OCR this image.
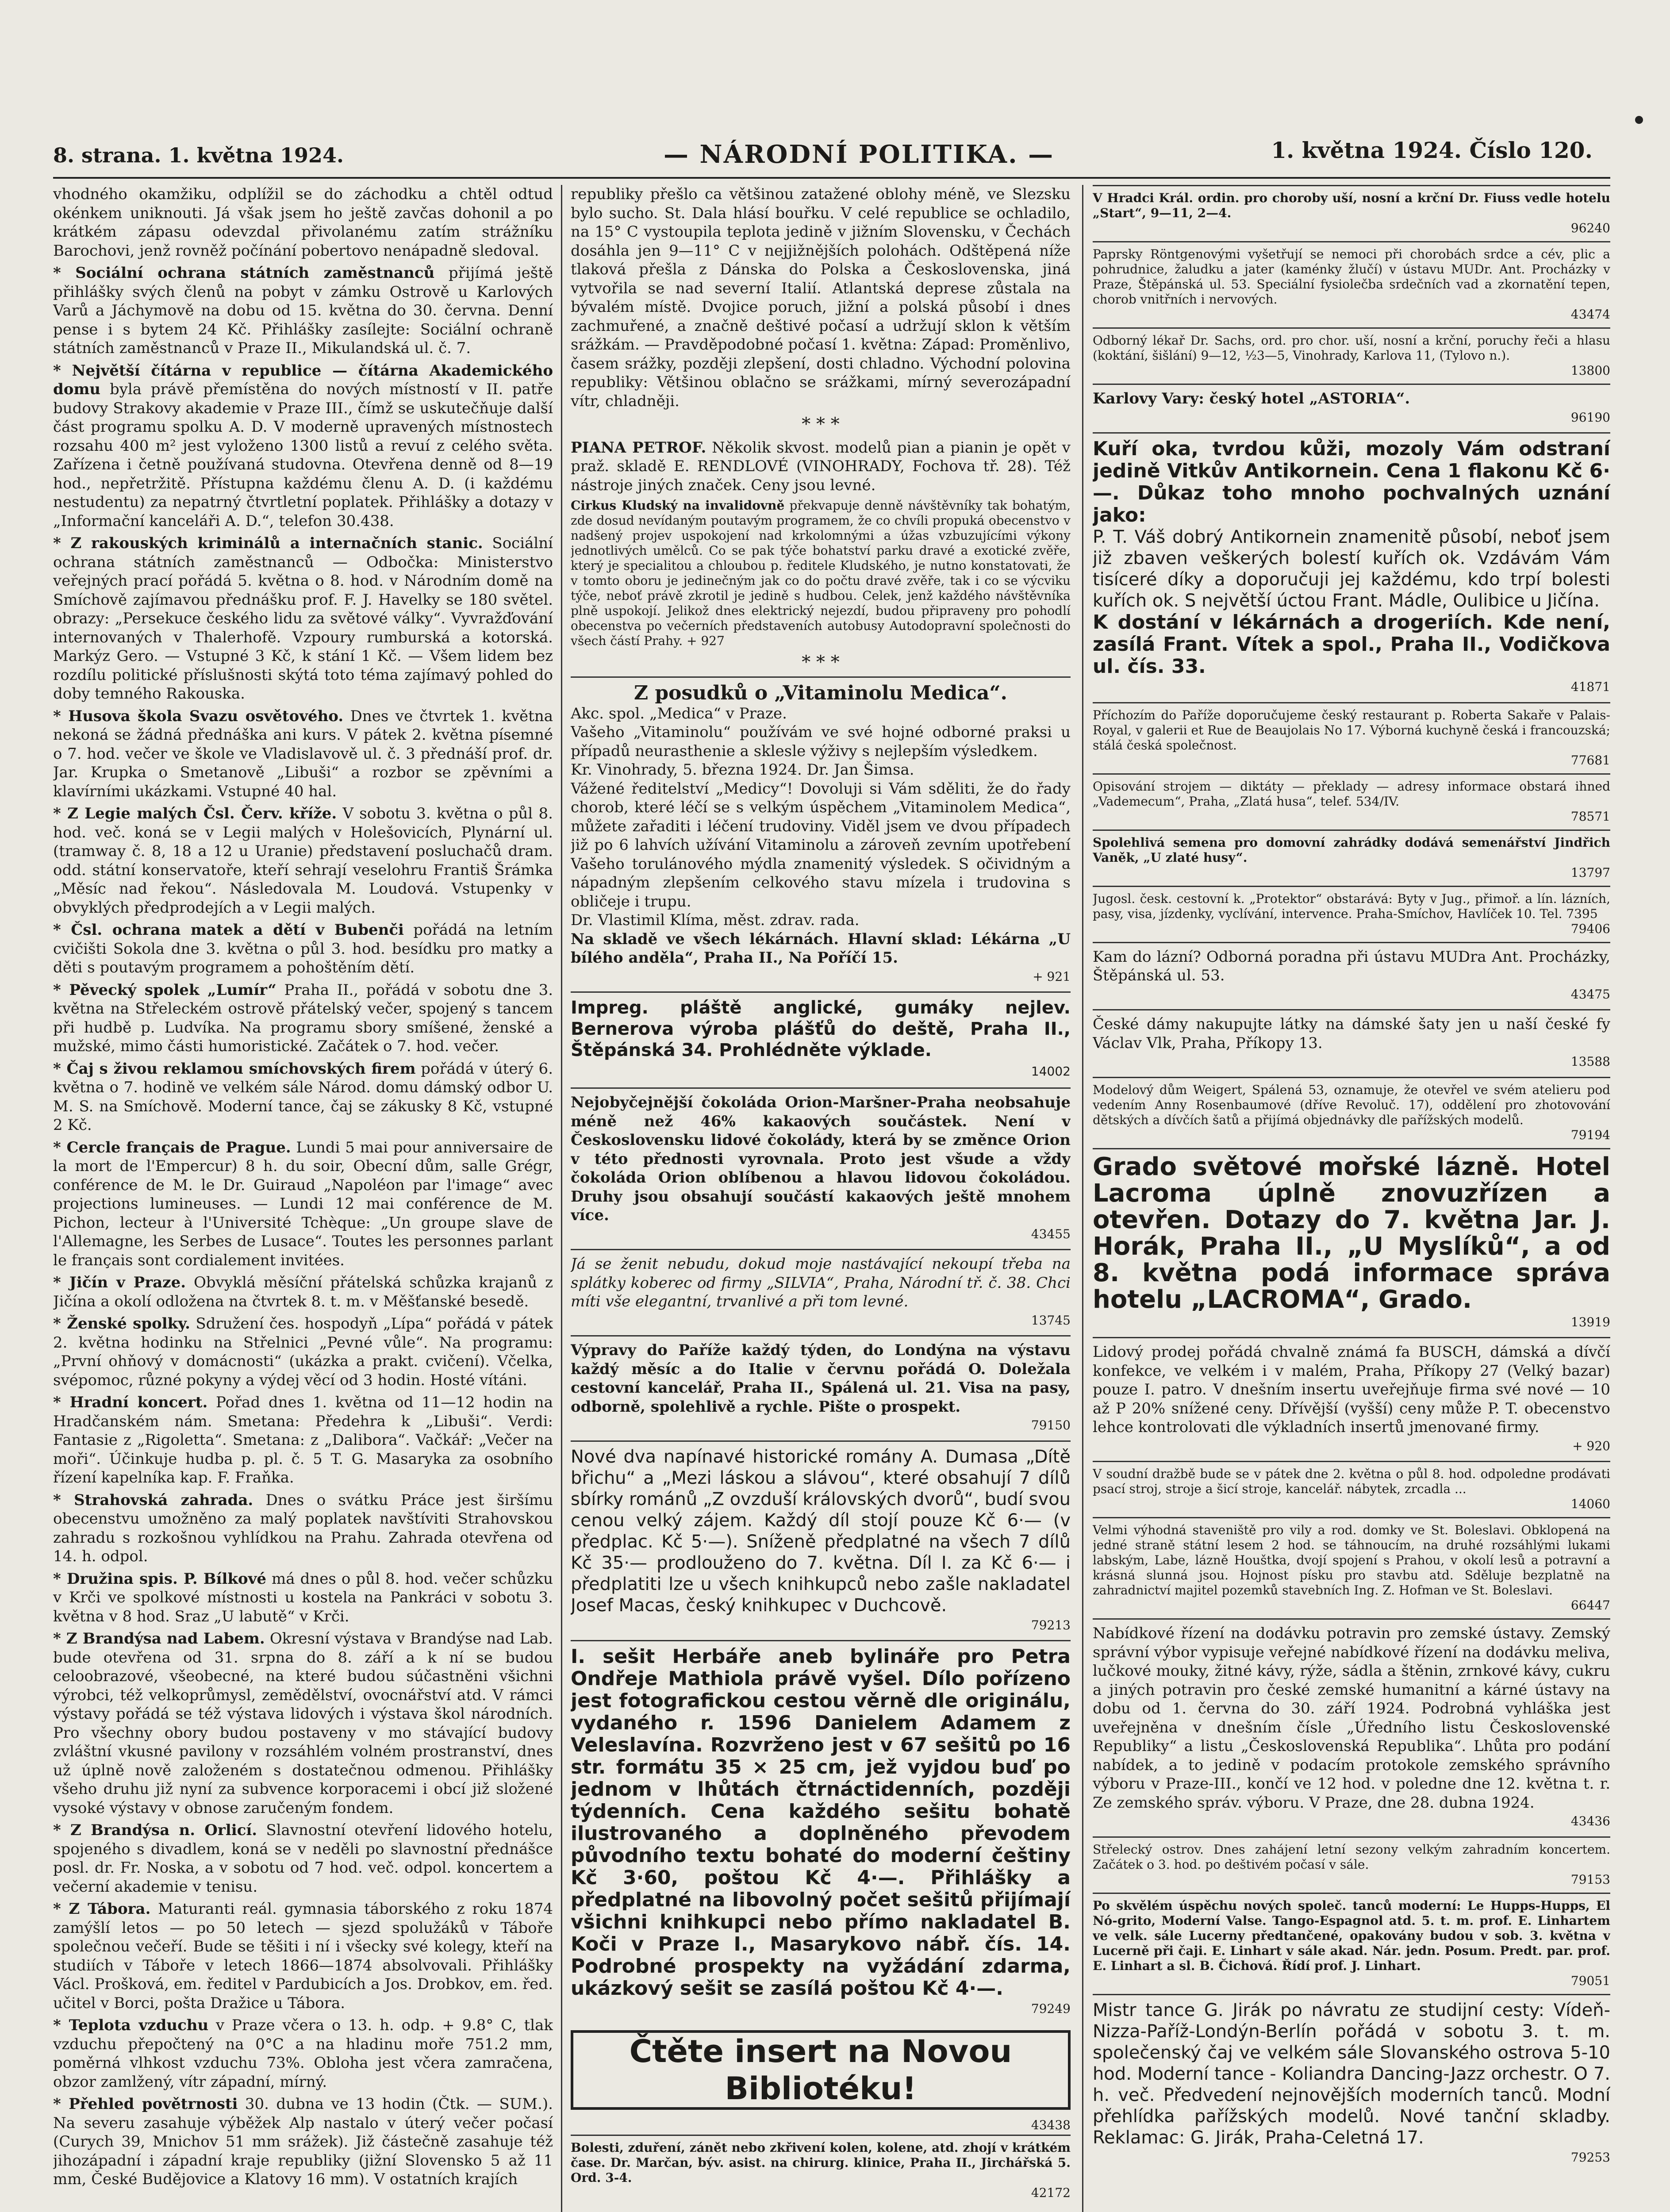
8. strana. 1. května 1924.	— NÁRODNÍ POLITIKA. —	1. května 1924. Číslo 120.

vhodného okamžiku, odplížil se do záchodku a chtěl odtud okénkem uniknouti. Já však jsem ho ještě zavčas dohonil a po krátkém zápasu odevzdal přivolanému zatím strážníku Barochovi, jenž rovněž počínání pobertovo nenápadně sledoval.

* Sociální ochrana státních zaměstnanců přijímá ještě přihlášky svých členů na pobyt v zámku Ostrově u Karlových Varů a Jáchymově na dobu od 15. května do 30. června. Denní pense i s bytem 24 Kč. Přihlášky zasílejte: Sociální ochraně státních zaměstnanců v Praze II., Mikulandská ul. č. 7.

* Největší čítárna v republice — čítárna Akademického domu byla právě přemístěna do nových místností v II. patře budovy Strakovy akademie v Praze III., čímž se uskutečňuje další část programu spolku A. D. V moderně upravených místnostech rozsahu 400 m² jest vyloženo 1300 listů a revuí z celého světa. Zařízena i četně používaná studovna. Otevřena denně od 8—19 hod., nepřetržitě. Přístupna každému členu A. D. (i každému nestudentu) za nepatrný čtvrtletní poplatek. Přihlášky a dotazy v „Informační kanceláři A. D.“, telefon 30.438.

* Z rakouských kriminálů a internačních stanic. Sociální ochrana státních zaměstnanců — Odbočka: Ministerstvo veřejných prací pořádá 5. května o 8. hod. v Národním domě na Smíchově zajímavou přednášku prof. F. J. Havelky se 180 světel. obrazy: „Persekuce českého lidu za světové války“. Vyvražďování internovaných v Thalerhofě. Vzpoury rumburská a kotorská. Markýz Gero. — Vstupné 3 Kč, k stání 1 Kč. — Všem lidem bez rozdílu politické příslušnosti skýtá toto téma zajímavý pohled do doby temného Rakouska.

* Husova škola Svazu osvětového. Dnes ve čtvrtek 1. května nekoná se žádná přednáška ani kurs. V pátek 2. května písemné o 7. hod. večer ve škole ve Vladislavově ul. č. 3 přednáší prof. dr. Jar. Krupka o Smetanově „Libuši“ a rozbor se zpěvními a klavírními ukázkami. Vstupné 40 hal.

* Z Legie malých Čsl. Červ. kříže. V sobotu 3. května o půl 8. hod. več. koná se v Legii malých v Holešovicích, Plynární ul. (tramway č. 8, 18 a 12 u Uranie) představení posluchačů dram. odd. státní konservatoře, kteří sehrají veselohru Františ Šrámka „Měsíc nad řekou“. Následovala M. Loudová. Vstupenky v obvyklých předprodejích a v Legii malých.

* Čsl. ochrana matek a dětí v Bubenči pořádá na letním cvičišti Sokola dne 3. května o půl 3. hod. besídku pro matky a děti s poutavým programem a pohoštěním dětí.

* Pěvecký spolek „Lumír“ Praha II., pořádá v sobotu dne 3. května na Střeleckém ostrově přátelský večer, spojený s tancem při hudbě p. Ludvíka. Na programu sbory smíšené, ženské a mužské, mimo části humoristické. Začátek o 7. hod. večer.

* Čaj s živou reklamou smíchovských firem pořádá v úterý 6. května o 7. hodině ve velkém sále Národ. domu dámský odbor U. M. S. na Smíchově. Moderní tance, čaj se zákusky 8 Kč, vstupné 2 Kč.

* Cercle français de Prague. Lundi 5 mai pour anniversaire de la mort de l'Empercur) 8 h. du soir, Obecní dům, salle Grégr, conférence de M. le Dr. Guiraud „Napoléon par l'image“ avec projections lumineuses. — Lundi 12 mai conférence de M. Pichon, lecteur à l'Université Tchèque: „Un groupe slave de l'Allemagne, les Serbes de Lusace“. Toutes les personnes parlant le français sont cordialement invitées.

* Jičín v Praze. Obvyklá měsíční přátelská schůzka krajanů z Jičína a okolí odložena na čtvrtek 8. t. m. v Měšťanské besedě.

* Ženské spolky. Sdružení čes. hospodyň „Lípa“ pořádá v pátek 2. května hodinku na Střelnici „Pevné vůle“. Na programu: „První ohňový v domácnosti“ (ukázka a prakt. cvičení). Včelka, svépomoc, různé pokyny a výdej věcí od 3 hodin. Hosté vítáni.

* Hradní koncert. Pořad dnes 1. května od 11—12 hodin na Hradčanském nám. Smetana: Předehra k „Libuši“. Verdi: Fantasie z „Rigoletta“. Smetana: z „Dalibora“. Vačkář: „Večer na moři“. Účinkuje hudba p. pl. č. 5 T. G. Masaryka za osobního řízení kapelníka kap. F. Fraňka.

* Strahovská zahrada. Dnes o svátku Práce jest širšímu obecenstvu umožněno za malý poplatek navštíviti Strahovskou zahradu s rozkošnou vyhlídkou na Prahu. Zahrada otevřena od 14. h. odpol.

* Družina spis. P. Bílkové má dnes o půl 8. hod. večer schůzku v Krči ve spolkové místnosti u kostela na Pankráci v sobotu 3. května v 8 hod. Sraz „U labutě“ v Krči.

* Z Brandýsa nad Labem. Okresní výstava v Brandýse nad Lab. bude otevřena od 31. srpna do 8. září a k ní se budou celoobrazové, všeobecné, na které budou súčastněni všichni výrobci, též velkoprůmysl, zemědělství, ovocnářství atd. V rámci výstavy pořádá se též výstava lidových i výstava škol národních. Pro všechny obory budou postaveny v mo stávající budovy zvláštní vkusné pavilony v rozsáhlém volném prostranství, dnes už úplně nově založeném s dostatečnou odmenou. Přihlášky všeho druhu již nyní za subvence korporacemi i obcí již složené vysoké výstavy v obnose zaručeným fondem.

* Z Brandýsa n. Orlicí. Slavnostní otevření lidového hotelu, spojeného s divadlem, koná se v neděli po slavnostní přednášce posl. dr. Fr. Noska, a v sobotu od 7 hod. več. odpol. koncertem a večerní akademie v tenisu.

* Z Tábora. Maturanti reál. gymnasia táborského z roku 1874 zamýšlí letos — po 50 letech — sjezd spolužáků v Táboře společnou večeří. Bude se těšiti i ní i všecky své kolegy, kteří na studiích v Táboře v letech 1866—1874 absolvovali. Přihlášky Václ. Prošková, em. ředitel v Pardubicích a Jos. Drobkov, em. řed. učitel v Borci, pošta Dražice u Tábora.

* Teplota vzduchu v Praze včera o 13. h. odp. + 9.8° C, tlak vzduchu přepočtený na 0°C a na hladinu moře 751.2 mm, poměrná vlhkost vzduchu 73%. Obloha jest včera zamračena, obzor zamlžený, vítr západní, mírný.

* Přehled povětrnosti 30. dubna ve 13 hodin (Čtk. — SUM.). Na severu zasahuje výběžek Alp nastalo v úterý večer počasí (Curych 39, Mnichov 51 mm srážek). Již částečně zasahuje též jihozápadní i západní kraje republiky (jižní Slovensko 5 až 11 mm, České Budějovice a Klatovy 16 mm). V ostatních krajích

republiky přešlo ca většinou zatažené oblohy méně, ve Slezsku bylo sucho. St. Dala hlásí bouřku. V celé republice se ochladilo, na 15° C vystoupila teplota jedině v jižním Slovensku, v Čechách dosáhla jen 9—11° C v nejjižnějších polohách. Odštěpená níže tlaková přešla z Dánska do Polska a Československa, jiná vytvořila se nad severní Italií. Atlantská deprese zůstala na bývalém místě. Dvojice poruch, jižní a polská působí i dnes zachmuřené, a značně deštivé počasí a udržují sklon k větším srážkám. — Pravděpodobné počasí 1. května: Západ: Proměnlivo, časem srážky, později zlepšení, dosti chladno. Východní polovina republiky: Většinou oblačno se srážkami, mírný severozápadní vítr, chladněji.

* * *

PIANA PETROF. Několik skvost. modelů pian a pianin je opět v praž. skladě E. RENDLOVÉ (VINOHRADY, Fochova tř. 28). Též nástroje jiných značek. Ceny jsou levné.

Cirkus Kludský na invalidovně překvapuje denně návštěvníky tak bohatým, zde dosud nevídaným poutavým programem, že co chvíli propuká obecenstvo v nadšený projev uspokojení nad krkolomnými a úžas vzbuzujícími výkony jednotlivých umělců. Co se pak týče bohatství parku dravé a exotické zvěře, který je specialitou a chloubou p. ředitele Kludského, je nutno konstatovati, že v tomto oboru je jedinečným jak co do počtu dravé zvěře, tak i co se výcviku týče, neboť právě zkrotil je jedině s hudbou. Celek, jenž každého návštěvníka plně uspokojí. Jelikož dnes elektrický nejezdí, budou připraveny pro pohodlí obecenstva po večerních představeních autobusy Autodopravní společnosti do všech částí Prahy. + 927

* * *

Z posudků o „Vitaminolu Medica“.

Akc. spol. „Medica“ v Praze.

Vašeho „Vitaminolu“ používám ve své hojné odborné praksi u případů neurasthenie a sklesle výživy s nejlepším výsledkem.

Kr. Vinohrady, 5. března 1924. Dr. Jan Šimsa.

Vážené ředitelství „Medicy“! Dovoluji si Vám sděliti, že do řady chorob, které léčí se s velkým úspěchem „Vitaminolem Medica“, můžete zařaditi i léčení trudoviny. Viděl jsem ve dvou případech již po 6 lahvích užívání Vitaminolu a zároveň zevním upotřebení Vašeho torulánového mýdla znamenitý výsledek. S očividným a nápadným zlepšením celkového stavu mízela i trudovina s obličeje i trupu.

Dr. Vlastimil Klíma, měst. zdrav. rada.

Na skladě ve všech lékárnách. Hlavní sklad: Lékárna „U bílého anděla“, Praha II., Na Poříčí 15.

+ 921

Impreg. pláště anglické, gumáky nejlev. Bernerova výroba plášťů do deště, Praha II., Štěpánská 34. Prohlédněte výklade.

14002

Nejobyčejnější čokoláda Orion-Maršner-Praha neobsahuje méně než 46% kakaových součástek. Není v Československu lidové čokolády, která by se změnce Orion v této přednosti vyrovnala. Proto jest všude a vždy čokoláda Orion oblíbenou a hlavou lidovou čokoládou. Druhy jsou obsahují součástí kakaových ještě mnohem více.

43455

Já se ženit nebudu, dokud moje nastávající nekoupí třeba na splátky koberec od firmy „SILVIA“, Praha, Národní tř. č. 38. Chci míti vše elegantní, trvanlivé a při tom levné.

13745

Výpravy do Paříže každý týden, do Londýna na výstavu každý měsíc a do Italie v červnu pořádá O. Doležala cestovní kancelář, Praha II., Spálená ul. 21. Visa na pasy, odborně, spolehlivě a rychle. Pište o prospekt.

79150

Nové dva napínavé historické romány A. Dumasa „Dítě břichu“ a „Mezi láskou a slávou“, které obsahují 7 dílů sbírky románů „Z ovzduší královských dvorů“, budí svou cenou velký zájem. Každý díl stojí pouze Kč 6·— (v předplac. Kč 5·—). Sníženě předplatné na všech 7 dílů Kč 35·— prodlouženo do 7. května. Díl I. za Kč 6·— i předplatiti lze u všech knihkupců nebo zašle nakladatel Josef Macas, český knihkupec v Duchcově.

79213

I. sešit Herbáře aneb bylináře pro Petra Ondřeje Mathiola právě vyšel. Dílo pořízeno jest fotografickou cestou věrně dle originálu, vydaného r. 1596 Danielem Adamem z Veleslavína. Rozvrženo jest v 67 sešitů po 16 str. formátu 35 × 25 cm, jež vyjdou buď po jednom v lhůtách čtrnáctidenních, později týdenních. Cena každého sešitu bohatě ilustrovaného a doplněného převodem původního textu bohaté do moderní češtiny Kč 3·60, poštou Kč 4·—. Přihlášky a předplatné na libovolný počet sešitů přijímají všichni knihkupci nebo přímo nakladatel B. Koči v Praze I., Masarykovo nábř. čís. 14. Podrobné prospekty na vyžádání zdarma, ukázkový sešit se zasílá poštou Kč 4·—.

79249
Čtěte insert na Novou Bibliotéku!
43438

Bolesti, zduření, zánět nebo zkřivení kolen, kolene, atd. zhojí v krátkém čase. Dr. Marčan, býv. asist. na chirurg. klinice, Praha II., Jirchářská 5. Ord. 3-4.

42172

V Hradci Král. ordin. pro choroby uší, nosní a krční Dr. Fiuss vedle hotelu „Start“, 9—11, 2—4.

96240

Paprsky Röntgenovými vyšetřují se nemoci při chorobách srdce a cév, plic a pohrudnice, žaludku a jater (kaménky žlučí) v ústavu MUDr. Ant. Procházky v Praze, Štěpánská ul. 53. Speciální fysiolečba srdečních vad a zkornatění tepen, chorob vnitřních i nervových.

43474

Odborný lékař Dr. Sachs, ord. pro chor. uší, nosní a krční, poruchy řeči a hlasu (koktání, šišlání) 9—12, ½3—5, Vinohrady, Karlova 11, (Tylovo n.).

13800

Karlovy Vary: český hotel „ASTORIA“.

96190

Kuří oka, tvrdou kůži, mozoly Vám odstraní jedině Vitkův Antikornein. Cena 1 flakonu Kč 6·—. Důkaz toho mnoho pochvalných uznání jako:

P. T. Váš dobrý Antikornein znamenitě působí, neboť jsem již zbaven veškerých bolestí kuřích ok. Vzdávám Vám tisíceré díky a doporučuji jej každému, kdo trpí bolesti kuřích ok. S největší úctou Frant. Mádle, Oulibice u Jičína.

K dostání v lékárnách a drogeriích. Kde není, zasílá Frant. Vítek a spol., Praha II., Vodičkova ul. čís. 33.

41871

Příchozím do Paříže doporučujeme český restaurant p. Roberta Sakaře v Palais-Royal, v galerii et Rue de Beaujolais No 17. Výborná kuchyně česká i francouzská; stálá česká společnost.

77681

Opisování strojem — diktáty — překlady — adresy informace obstará ihned „Vademecum“, Praha, „Zlatá husa“, telef. 534/IV.

78571

Spolehlivá semena pro domovní zahrádky dodává semenářství Jindřich Vaněk, „U zlaté husy“.

13797

Jugosl. česk. cestovní k. „Protektor“ obstarává: Byty v Jug., přimoř. a lín. lázních, pasy, visa, jízdenky, vyclívání, intervence. Praha-Smíchov, Havlíček 10. Tel. 7395

79406

Kam do lázní? Odborná poradna při ústavu MUDra Ant. Procházky, Štěpánská ul. 53.

43475

České dámy nakupujte látky na dámské šaty jen u naší české fy Václav Vlk, Praha, Příkopy 13.

13588

Modelový dům Weigert, Spálená 53, oznamuje, že otevřel ve svém atelieru pod vedením Anny Rosenbaumové (dříve Revoluč. 17), oddělení pro zhotovování dětských a dívčích šatů a přijímá objednávky dle pařížských modelů.

79194

Grado světové mořské lázně. Hotel Lacroma úplně znovuzřízen a otevřen. Dotazy do 7. května Jar. J. Horák, Praha II., „U Myslíků“, a od 8. května podá informace správa hotelu „LACROMA“, Grado.

13919

Lidový prodej pořádá chvalně známá fa BUSCH, dámská a dívčí konfekce, ve velkém i v malém, Praha, Příkopy 27 (Velký bazar) pouze I. patro. V dnešním insertu uveřejňuje firma své nové — 10 až P 20% snížené ceny. Dřívější (vyšší) ceny může P. T. obecenstvo lehce kontrolovati dle výkladních insertů jmenované firmy.

+ 920

V soudní dražbě bude se v pátek dne 2. května o půl 8. hod. odpoledne prodávati psací stroj, stroje a šicí stroje, kancelář. nábytek, zrcadla ...

14060

Velmi výhodná staveniště pro vily a rod. domky ve St. Boleslavi. Obklopená na jedné straně státní lesem 2 hod. se táhnoucím, na druhé rozsáhlými lukami labským, Labe, lázně Houštka, dvojí spojení s Prahou, v okolí lesů a potravní a krásná slunná jsou. Hojnost písku pro stavbu atd. Sděluje bezplatně na zahradnictví majitel pozemků stavebních Ing. Z. Hofman ve St. Boleslavi.

66447

Nabídkové řízení na dodávku potravin pro zemské ústavy. Zemský správní výbor vypisuje veřejné nabídkové řízení na dodávku meliva, lučkové mouky, žitné kávy, rýže, sádla a štěnin, zrnkové kávy, cukru a jiných potravin pro české zemské humanitní a kárné ústavy na dobu od 1. června do 30. září 1924. Podrobná vyhláška jest uveřejněna v dnešním čísle „Úředního listu Československé Republiky“ a listu „Československá Republika“. Lhůta pro podání nabídek, a to jedině v podacím protokole zemského správního výboru v Praze-III., končí ve 12 hod. v poledne dne 12. května t. r. Ze zemského správ. výboru. V Praze, dne 28. dubna 1924.

43436

Střelecký ostrov. Dnes zahájení letní sezony velkým zahradním koncertem. Začátek o 3. hod. po deštivém počasí v sále.

79153

Po skvělém úspěchu nových společ. tanců moderní: Le Hupps-Hupps, El Nó-grito, Moderní Valse. Tango-Espagnol atd. 5. t. m. prof. E. Linhartem ve velk. sále Lucerny předtančené, opakovány budou v sob. 3. května v Lucerně při čaji. E. Linhart v sále akad. Nár. jedn. Posum. Predt. par. prof. E. Linhart a sl. B. Čichová. Řídí prof. J. Linhart.

79051

Mistr tance G. Jirák po návratu ze studijní cesty: Vídeň-Nizza-Paříž-Londýn-Berlín pořádá v sobotu 3. t. m. společenský čaj ve velkém sále Slovanského ostrova 5-10 hod. Moderní tance - Koliandra Dancing-Jazz orchestr. O 7. h. več. Předvedení nejnovějších moderních tanců. Modní přehlídka pařížských modelů. Nové tanční skladby. Reklamac: G. Jirák, Praha-Celetná 17.

79253
